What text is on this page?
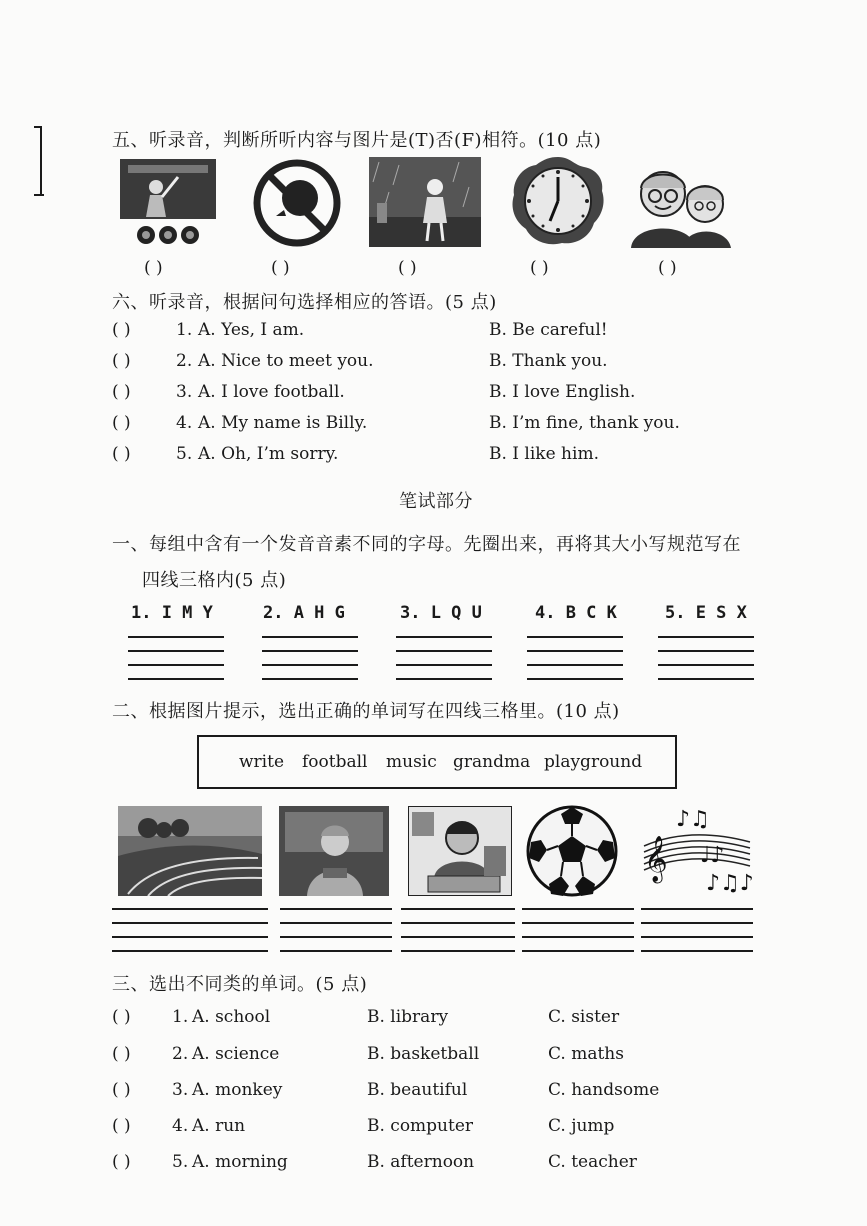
五、听录音，判断所听内容与图片是(T)否(F)相符。(10 点)
( )	( )	( )	( )	( )
六、听录音，根据问句选择相应的答语。(5 点)
( )	1. A. Yes, I am.	B. Be careful!
( )	2. A. Nice to meet you.	B. Thank you.
( )	3. A. I love football.	B. I love English.
( )	4. A. My name is Billy.	B. I’m fine, thank you.
( )	5. A. Oh, I’m sorry.	B. I like him.
笔试部分
一、每组中含有一个发音音素不同的字母。先圈出来，再将其大小写规范写在
四线三格内(5 点)
1. I M Y	2. A H G	3. L Q U	4. B C K	5. E S X
二、根据图片提示，选出正确的单词写在四线三格里。(10 点)
write football music grandma playground
𝄞
♪♫
♩♪
♪♫♪
三、选出不同类的单词。(5 点)
( ) 1. A. school	B. library	C. sister
( ) 2. A. science	B. basketball	C. maths
( ) 3. A. monkey	B. beautiful	C. handsome
( ) 4. A. run	B. computer	C. jump
( ) 5. A. morning	B. afternoon	C. teacher
